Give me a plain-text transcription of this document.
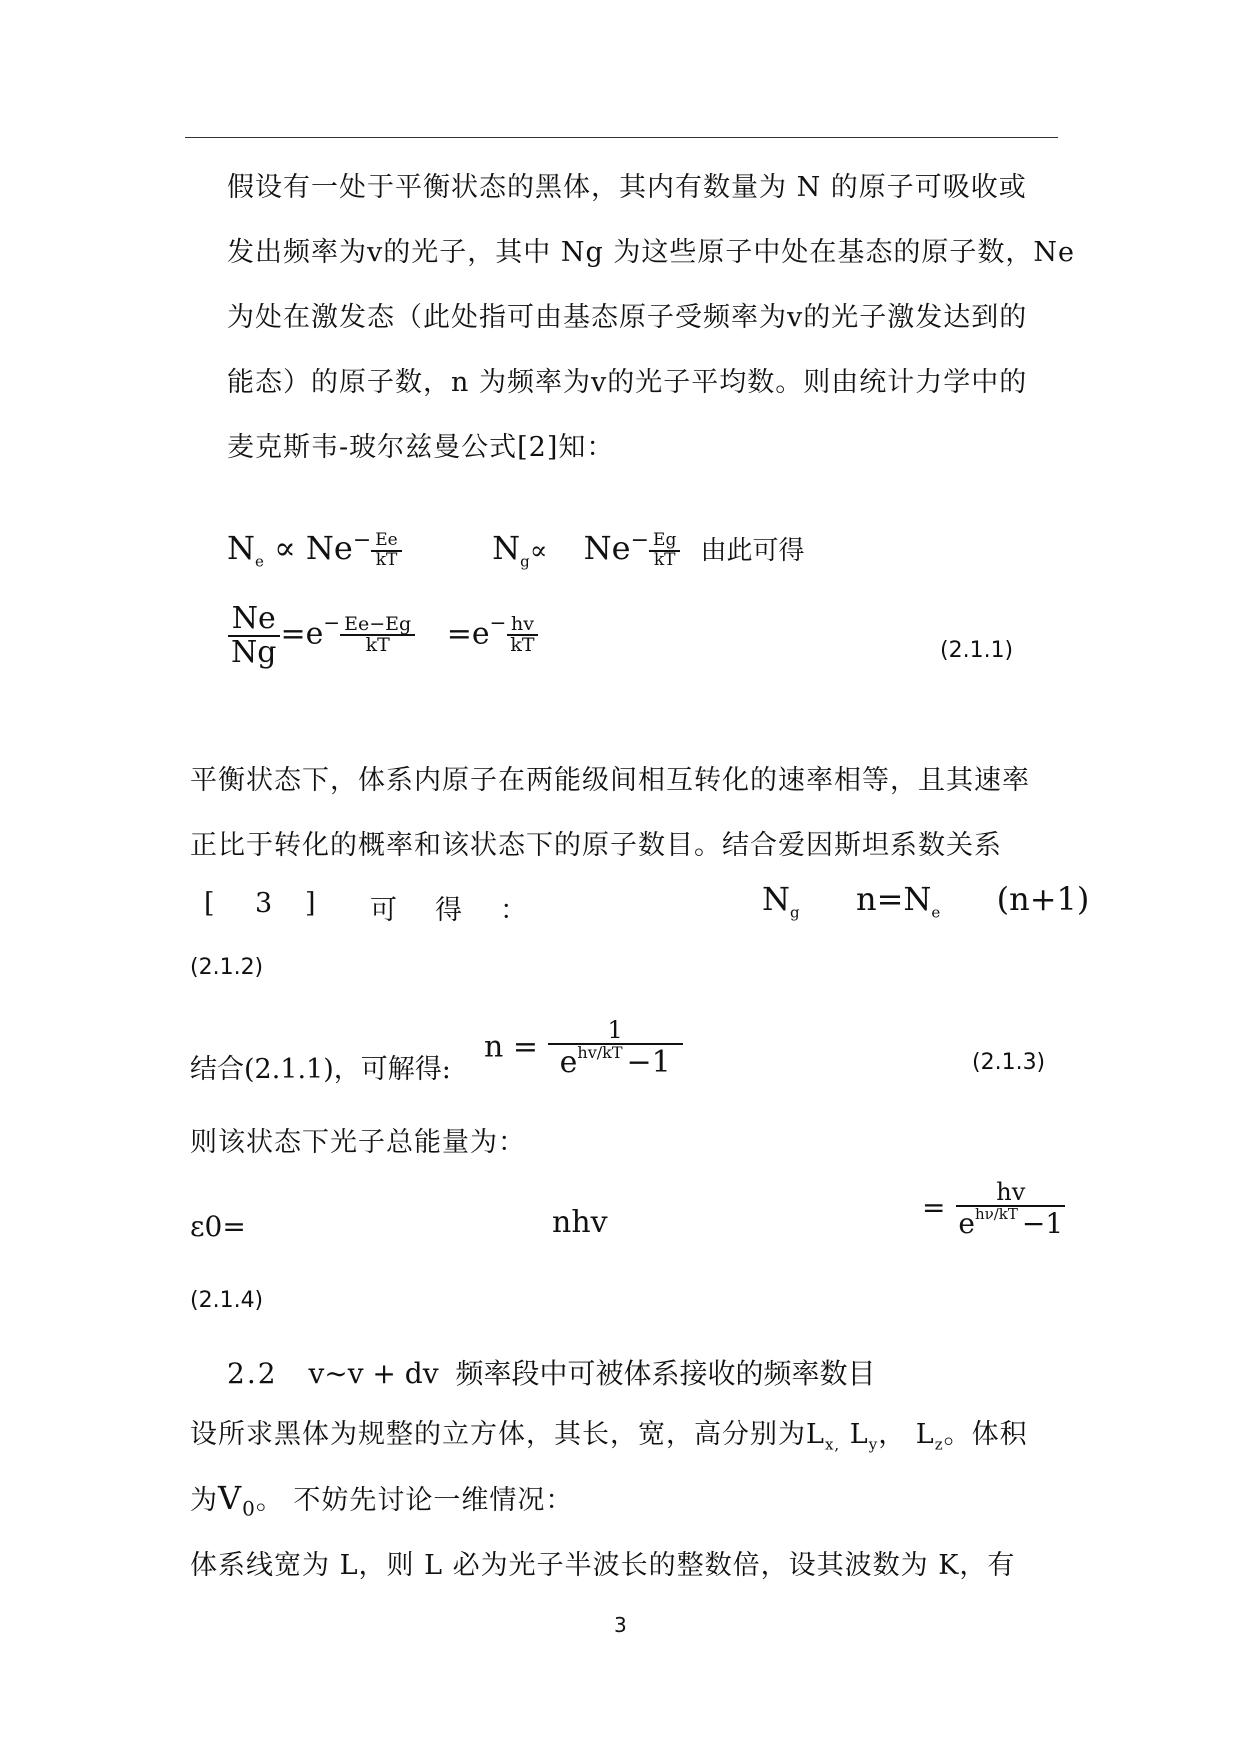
假设有一处于平衡状态的黑体，其内有数量为 N 的原子可吸收或
发出频率为v的光子，其中 Ng 为这些原子中处在基态的原子数，Ne
为处在激发态（此处指可由基态原子受频率为v的光子激发达到的
能态）的原子数，n 为频率为v的光子平均数。则由统计力学中的
麦克斯韦-玻尔兹曼公式[2]知：
$N_e \propto Ne^- \frac{Ee}{kT}$	$N_g\propto Ne^- \frac{Eg}{kT}$ 由此可得
$\frac{Ne}{Ng} =e^- \frac{Ee-Eg}{kT} =e^- \frac{hv}{kT}$	(2.1.1)
平衡状态下，体系内原子在两能级间相互转化的速率相等，且其速率
正比于转化的概率和该状态下的原子数目。结合爱因斯坦系数关系
[ 3 ] 可 得 ：	$N_g$ $n=N_e$ (n+1)
(2.1.2)
结合(2.1.1)，可解得:
$n = \frac{1}{e^{hv/kT} -1}$	(2.1.3)
则该状态下光子总能量为：
ε0=	nhv	= $\frac{hv}{e^{h\nu/kT} -1}$
(2.1.4)
2.2 v∼v + dv 频率段中可被体系接收的频率数目
设所求黑体为规整的立方体，其长，宽，高分别为$L_{x,}$ $L_y$， $L_z$。体积
为$V_0$。 不妨先讨论一维情况：
体系线宽为 L，则 L 必为光子半波长的整数倍，设其波数为 K，有
3
